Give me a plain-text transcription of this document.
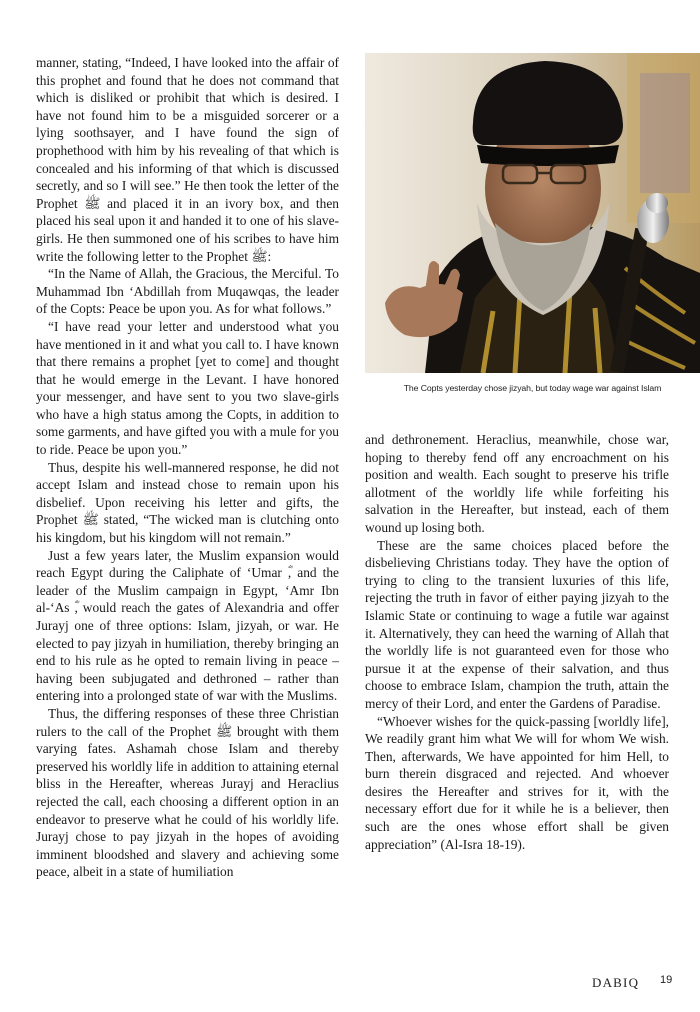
manner, stating, “Indeed, I have looked into the affair of this prophet and found that he does not command that which is disliked or prohibit that which is desired. I have not found him to be a misguided sorcerer or a lying soothsayer, and I have found the sign of prophethood with him by his revealing of that which is concealed and his informing of that which is discussed secretly, and so I will see.” He then took the letter of the Prophet ﷺ and placed it in an ivory box, and then placed his seal upon it and handed it to one of his slave-girls. He then summoned one of his scribes to have him write the following letter to the Prophet ﷺ:

“In the Name of Allah, the Gracious, the Merciful. To Muhammad Ibn ‘Abdillah from Muqawqas, the leader of the Copts: Peace be upon you. As for what follows.”

“I have read your letter and understood what you have mentioned in it and what you call to. I have known that there remains a prophet [yet to come] and thought that he would emerge in the Levant. I have honored your messenger, and have sent to you two slave-girls who have a high status among the Copts, in addition to some garments, and have gifted you with a mule for you to ride. Peace be upon you.”

Thus, despite his well-mannered response, he did not accept Islam and instead chose to remain upon his disbelief. Upon receiving his letter and gifts, the Prophet ﷺ stated, “The wicked man is clutching onto his kingdom, but his kingdom will not remain.”

Just a few years later, the Muslim expansion would reach Egypt during the Caliphate of ‘Umar ؓ, and the leader of the Muslim campaign in Egypt, ‘Amr Ibn al-‘As ؓ, would reach the gates of Alexandria and offer Jurayj one of three options: Islam, jizyah, or war. He elected to pay jizyah in humiliation, thereby bringing an end to his rule as he opted to remain living in peace – having been subjugated and dethroned – rather than entering into a prolonged state of war with the Muslims.

Thus, the differing responses of these three Christian rulers to the call of the Prophet ﷺ brought with them varying fates. Ashamah chose Islam and thereby preserved his worldly life in addition to attaining eternal bliss in the Hereafter, whereas Jurayj and Heraclius rejected the call, each choosing a different option in an endeavor to preserve what he could of his worldly life. Jurayj chose to pay jizyah in the hopes of avoiding imminent bloodshed and slavery and achieving some peace, albeit in a state of humiliation

The Copts yesterday chose jizyah, but today wage war against Islam

and dethronement. Heraclius, meanwhile, chose war, hoping to thereby fend off any encroachment on his position and wealth. Each sought to preserve his trifle allotment of the worldly life while forfeiting his salvation in the Hereafter, but instead, each of them wound up losing both.

These are the same choices placed before the disbelieving Christians today. They have the option of trying to cling to the transient luxuries of this life, rejecting the truth in favor of either paying jizyah to the Islamic State or continuing to wage a futile war against it. Alternatively, they can heed the warning of Allah that the worldly life is not guaranteed even for those who pursue it at the expense of their salvation, and thus choose to embrace Islam, champion the truth, attain the mercy of their Lord, and enter the Gardens of Paradise.

“Whoever wishes for the quick-passing [worldly life], We readily grant him what We will for whom We wish. Then, afterwards, We have appointed for him Hell, to burn therein disgraced and rejected. And whoever desires the Hereafter and strives for it, with the necessary effort due for it while he is a believer, then such are the ones whose effort shall be given appreciation” (Al-Isra 18-19).

DABIQ 19
